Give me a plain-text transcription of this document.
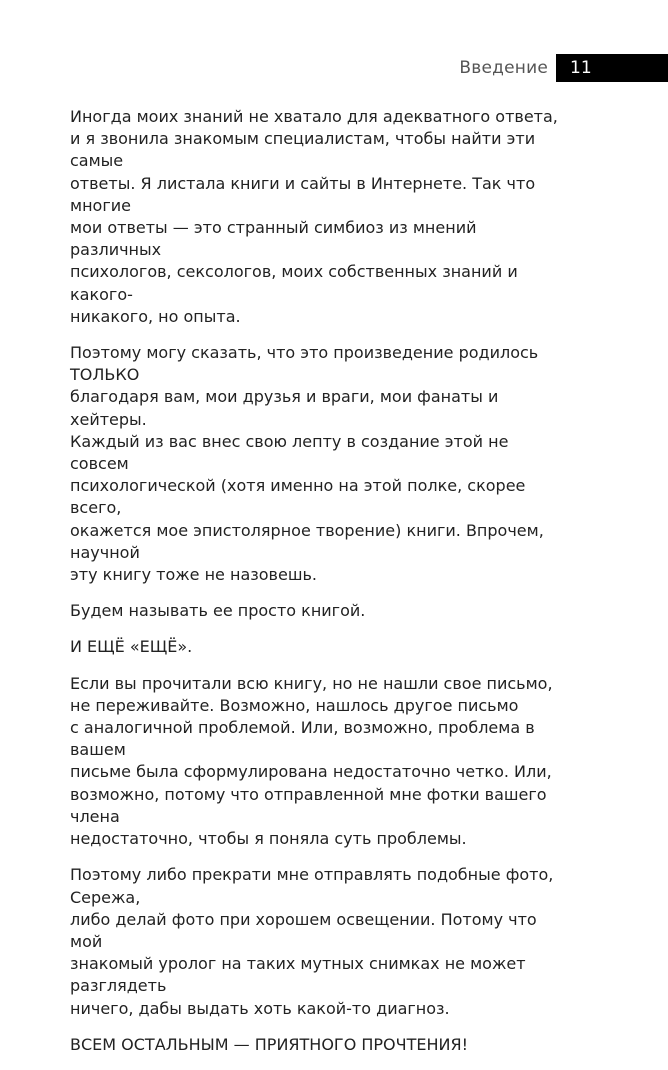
Введение	11

Иногда моих знаний не хватало для адекватного ответа,
и я звонила знакомым специалистам, чтобы найти эти самые
ответы. Я листала книги и сайты в Интернете. Так что многие
мои ответы — это странный симбиоз из мнений различных
психологов, сексологов, моих собственных знаний и какого-
никакого, но опыта.

Поэтому могу сказать, что это произведение родилось ТОЛЬКО
благодаря вам, мои друзья и враги, мои фанаты и хейтеры.
Каждый из вас внес свою лепту в создание этой не совсем
психологической (хотя именно на этой полке, скорее всего,
окажется мое эпистолярное творение) книги. Впрочем, научной
эту книгу тоже не назовешь.

Будем называть ее просто книгой.

И ЕЩЁ «ЕЩЁ».

Если вы прочитали всю книгу, но не нашли свое письмо,
не переживайте. Возможно, нашлось другое письмо
с аналогичной проблемой. Или, возможно, проблема в вашем
письме была сформулирована недостаточно четко. Или,
возможно, потому что отправленной мне фотки вашего члена
недостаточно, чтобы я поняла суть проблемы.

Поэтому либо прекрати мне отправлять подобные фото, Сережа,
либо делай фото при хорошем освещении. Потому что мой
знакомый уролог на таких мутных снимках не может разглядеть
ничего, дабы выдать хоть какой-то диагноз.

ВСЕМ ОСТАЛЬНЫМ — ПРИЯТНОГО ПРОЧТЕНИЯ!
